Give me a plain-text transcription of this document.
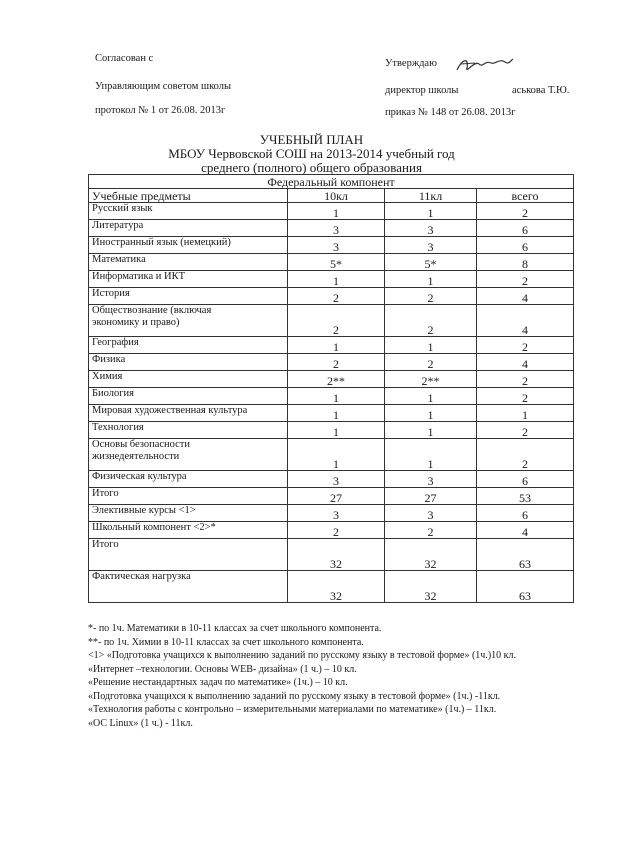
Согласован с
Управляющим советом школы
протокол № 1 от 26.08. 2013г
Утверждаю
директор школы	аськова Т.Ю.
приказ № 148 от 26.08. 2013г
УЧЕБНЫЙ ПЛАН
МБОУ Червовской СОШ на 2013-2014 учебный год
среднего (полного) общего образования
Федеральный компонент			
Учебные предметы	10кл	11кл	всего

Русский язык	1	1	2

Литература	3	3	6

Иностранный язык (немецкий)	3	3	6

Математика	5*	5*	8

Информатика и ИКТ	1	1	2

История	2	2	4

Обществознание (включая
экономику и право)	2	2	4

География	1	1	2

Физика	2	2	4

Химия	2**	2**	2

Биология	1	1	2

Мировая художественная культура	1	1	1

Технология	1	1	2

Основы безопасности
жизнедеятельности	1	1	2

Физическая культура	3	3	6

Итого	27	27	53

Элективные курсы <1>	3	3	6

Школьный компонент <2>*	2	2	4

Итого	32	32	63

Фактическая нагрузка	32	32	63
*- по 1ч. Математики в 10-11 классах за счет школьного компонента.
**- по 1ч. Химии в 10-11 классах за счет школьного компонента.
<1> «Подготовка учащихся к выполнению заданий по русскому языку в тестовой форме» (1ч.)10 кл.
«Интернет –технологии. Основы WEB- дизайна» (1 ч.) – 10 кл.
«Решение нестандартных задач по математике» (1ч.) – 10 кл.
«Подготовка учащихся к выполнению заданий по русскому языку в тестовой форме» (1ч.) -11кл.
«Технология работы с контрольно – измерительными материалами по математике» (1ч.) – 11кл.
«ОС Linux» (1 ч.) - 11кл.
